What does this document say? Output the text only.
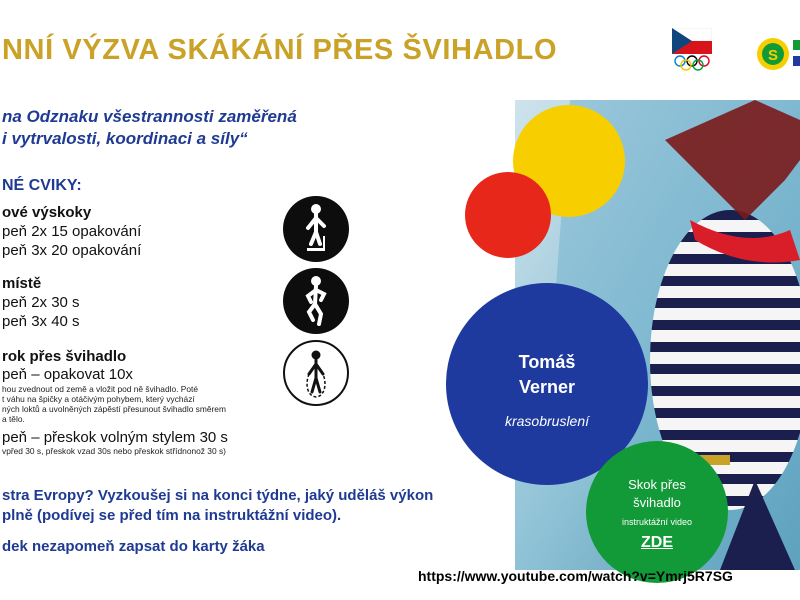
NNÍ VÝZVA SKÁKÁNÍ PŘES ŠVIHADLO	S
na Odznaku všestrannosti zaměřená
i vytrvalosti, koordinaci a síly“
NÉ CVIKY:
ové výskoky
peň 2x 15 opakování
peň 3x 20 opakování
místě
peň 2x 30 s
peň 3x 40 s
rok přes švihadlo
peň – opakovat 10x
hou zvednout od země a vložit pod ně švihadlo. Poté
t váhu na špičky a otáčivým pohybem, který vychází
ných loktů a uvolněných zápěstí přesunout švihadlo směrem
a tělo.
peň – přeskok volným stylem 30 s
vpřed 30 s, přeskok vzad 30s nebo přeskok střídnonož 30 s)
stra Evropy? Vyzkoušej si na konci týdne, jaký uděláš výkon
plně (podívej se před tím na instruktážní video).
dek nezapomeň zapsat do karty žáka
Tomáš
Verner
krasobruslení
Skok přes
švihadlo
instruktážní video
ZDE
https://www.youtube.com/watch?v=Ymrj5R7SG
